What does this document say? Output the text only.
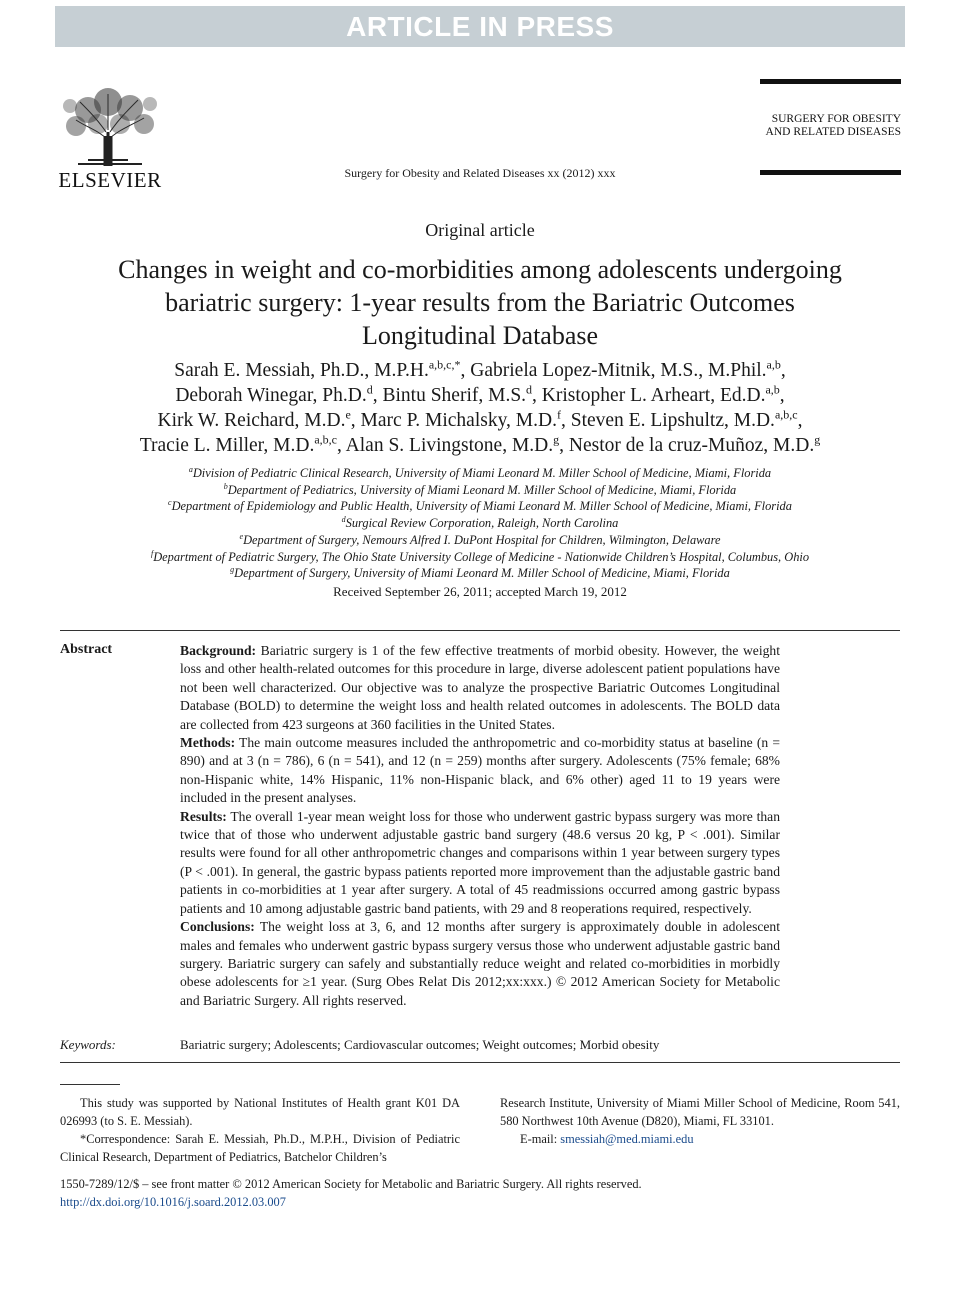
ARTICLE IN PRESS
ELSEVIER	Surgery for Obesity and Related Diseases xx (2012) xxx
SURGERY FOR OBESITY
AND RELATED DISEASES
Original article
Changes in weight and co-morbidities among adolescents undergoing bariatric surgery: 1-year results from the Bariatric Outcomes Longitudinal Database
Sarah E. Messiah, Ph.D., M.P.H.$^{a,b,c,*}$, Gabriela Lopez-Mitnik, M.S., M.Phil.$^{a,b}$,
Deborah Winegar, Ph.D.$^d$, Bintu Sherif, M.S.$^d$, Kristopher L. Arheart, Ed.D.$^{a,b}$,
Kirk W. Reichard, M.D.$^e$, Marc P. Michalsky, M.D.$^f$, Steven E. Lipshultz, M.D.$^{a,b,c}$,
Tracie L. Miller, M.D.$^{a,b,c}$, Alan S. Livingstone, M.D.$^g$, Nestor de la cruz-Muñoz, M.D.$^g$
$^a$Division of Pediatric Clinical Research, University of Miami Leonard M. Miller School of Medicine, Miami, Florida
$^b$Department of Pediatrics, University of Miami Leonard M. Miller School of Medicine, Miami, Florida
$^c$Department of Epidemiology and Public Health, University of Miami Leonard M. Miller School of Medicine, Miami, Florida
$^d$Surgical Review Corporation, Raleigh, North Carolina
$^e$Department of Surgery, Nemours Alfred I. DuPont Hospital for Children, Wilmington, Delaware
$^f$Department of Pediatric Surgery, The Ohio State University College of Medicine - Nationwide Children’s Hospital, Columbus, Ohio
$^g$Department of Surgery, University of Miami Leonard M. Miller School of Medicine, Miami, Florida
Received September 26, 2011; accepted March 19, 2012
Abstract	Background: Bariatric surgery is 1 of the few effective treatments of morbid obesity. However, the weight loss and other health-related outcomes for this procedure in large, diverse adolescent patient populations have not been well characterized. Our objective was to analyze the prospective Bariatric Outcomes Longitudinal Database (BOLD) to determine the weight loss and health related outcomes in adolescents. The BOLD data are collected from 423 surgeons at 360 facilities in the United States.

Methods: The main outcome measures included the anthropometric and co-morbidity status at baseline (n = 890) and at 3 (n = 786), 6 (n = 541), and 12 (n = 259) months after surgery. Adolescents (75% female; 68% non-Hispanic white, 14% Hispanic, 11% non-Hispanic black, and 6% other) aged 11 to 19 years were included in the present analyses.

Results: The overall 1-year mean weight loss for those who underwent gastric bypass surgery was more than twice that of those who underwent adjustable gastric band surgery (48.6 versus 20 kg, P < .001). Similar results were found for all other anthropometric changes and comparisons within 1 year between surgery types (P < .001). In general, the gastric bypass patients reported more improvement than the adjustable gastric band patients in co-morbidities at 1 year after surgery. A total of 45 readmissions occurred among gastric bypass patients and 10 among adjustable gastric band patients, with 29 and 8 reoperations required, respectively.

Conclusions: The weight loss at 3, 6, and 12 months after surgery is approximately double in adolescent males and females who underwent gastric bypass surgery versus those who underwent adjustable gastric band surgery. Bariatric surgery can safely and substantially reduce weight and related co-morbidities in morbidly obese adolescents for ≥1 year. (Surg Obes Relat Dis 2012;xx:xxx.) © 2012 American Society for Metabolic and Bariatric Surgery. All rights reserved.

Keywords:	Bariatric surgery; Adolescents; Cardiovascular outcomes; Weight outcomes; Morbid obesity

This study was supported by National Institutes of Health grant K01 DA 026993 (to S. E. Messiah).

*Correspondence: Sarah E. Messiah, Ph.D., M.P.H., Division of Pediatric Clinical Research, Department of Pediatrics, Batchelor Children’s

Research Institute, University of Miami Miller School of Medicine, Room 541, 580 Northwest 10th Avenue (D820), Miami, FL 33101.

E-mail: smessiah@med.miami.edu

1550-7289/12/$ – see front matter © 2012 American Society for Metabolic and Bariatric Surgery. All rights reserved.
http://dx.doi.org/10.1016/j.soard.2012.03.007
